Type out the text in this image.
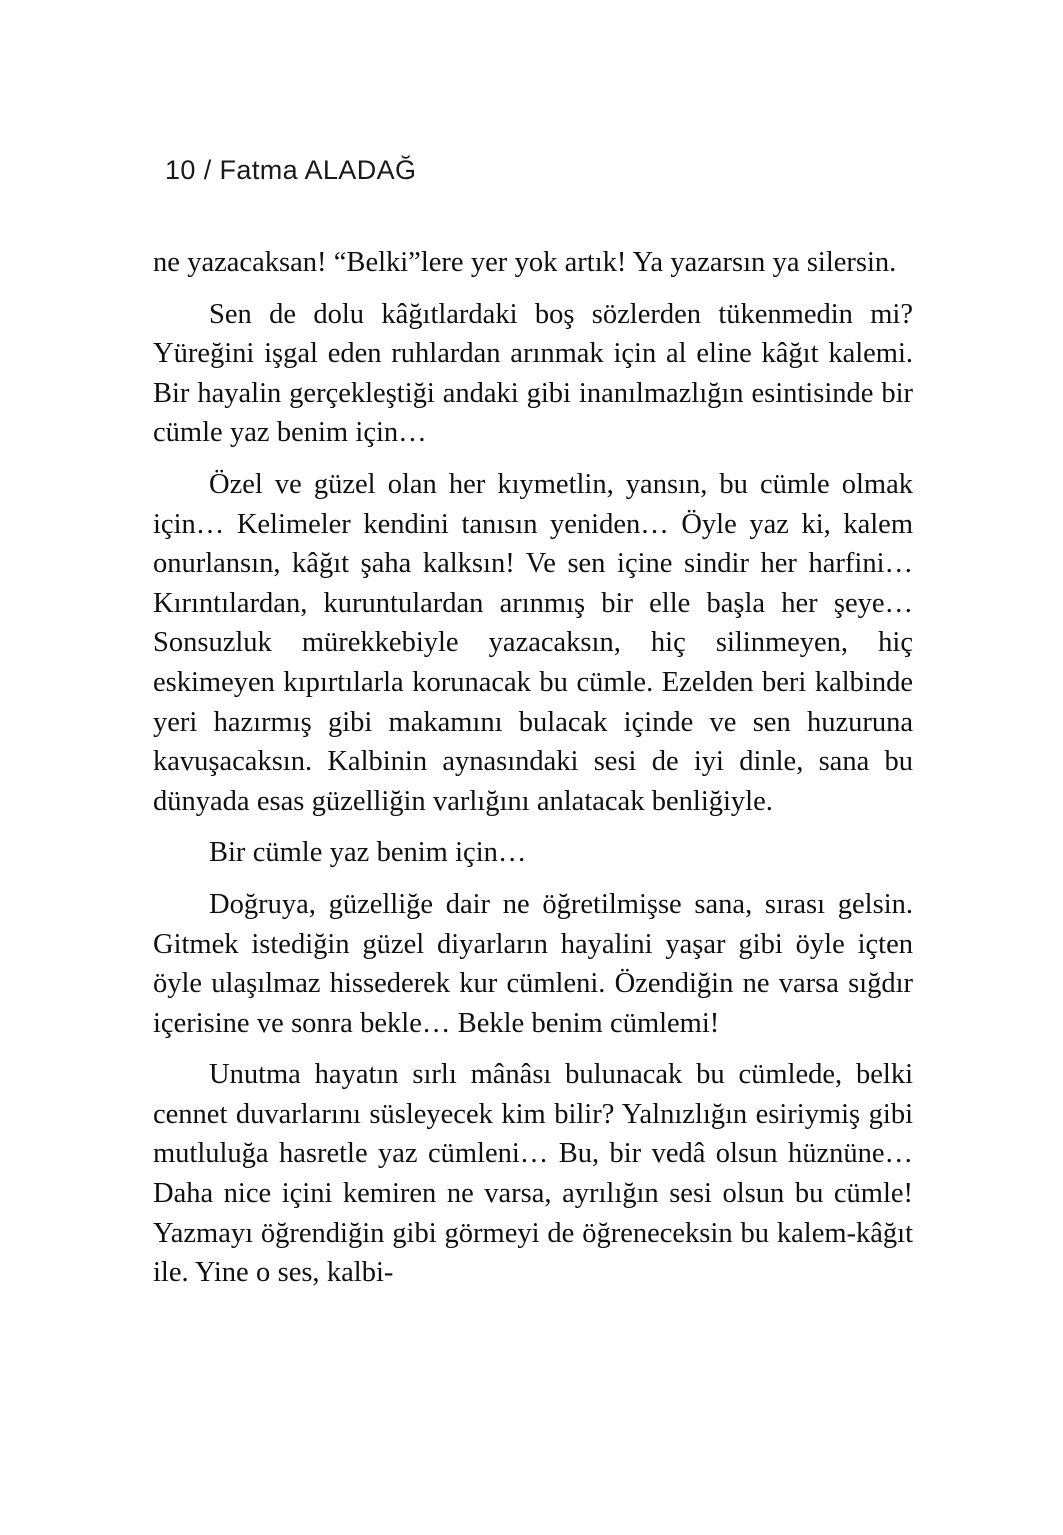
10 / Fatma ALADAĞ

ne yazacaksan! “Belki”lere yer yok artık! Ya yazarsın ya silersin.

Sen de dolu kâğıtlardaki boş sözlerden tükenmedin mi? Yüreğini işgal eden ruhlardan arınmak için al eline kâğıt kalemi. Bir hayalin gerçekleştiği andaki gibi inanılmazlığın esintisinde bir cümle yaz benim için…

Özel ve güzel olan her kıymetlin, yansın, bu cümle olmak için… Kelimeler kendini tanısın yeniden… Öyle yaz ki, kalem onurlansın, kâğıt şaha kalksın! Ve sen içine sindir her harfini… Kırıntılardan, kuruntulardan arınmış bir elle başla her şeye… Sonsuzluk mürekkebiyle yazacaksın, hiç silinmeyen, hiç eskimeyen kıpırtılarla korunacak bu cümle. Ezelden beri kalbinde yeri hazırmış gibi makamını bulacak içinde ve sen huzuruna kavuşacaksın. Kalbinin aynasındaki sesi de iyi dinle, sana bu dünyada esas güzelliğin varlığını anlatacak benliğiyle.

Bir cümle yaz benim için…

Doğruya, güzelliğe dair ne öğretilmişse sana, sırası gelsin. Gitmek istediğin güzel diyarların hayalini yaşar gibi öyle içten öyle ulaşılmaz hissederek kur cümleni. Özendiğin ne varsa sığdır içerisine ve sonra bekle… Bekle benim cümlemi!

Unutma hayatın sırlı mânâsı bulunacak bu cümlede, belki cennet duvarlarını süsleyecek kim bilir? Yalnızlığın esiriymiş gibi mutluluğa hasretle yaz cümleni… Bu, bir vedâ olsun hüznüne… Daha nice içini kemiren ne varsa, ayrılığın sesi olsun bu cümle! Yazmayı öğrendiğin gibi görmeyi de öğreneceksin bu kalem-kâğıt ile. Yine o ses, kalbi-
